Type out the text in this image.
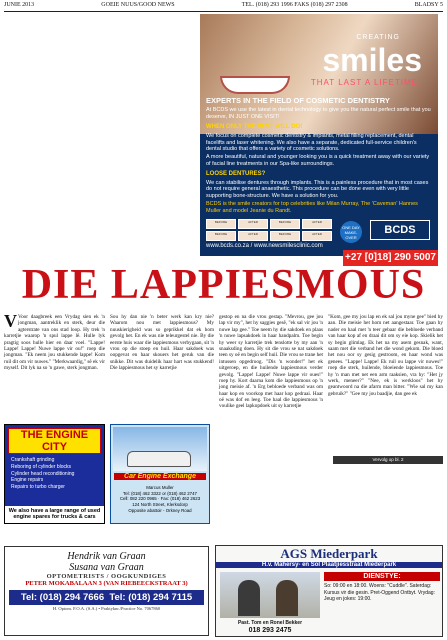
JUNIE 2013	GOEIE NUUS/GOOD NEWS	TEL. (018) 293 1996 FAKS (018) 297 2308	BLADSY 5
CREATING
smiles
THAT LAST A LIFETIME
EXPERTS IN THE FIELD OF COSMETIC DENTISTRY

At BCDS we use the latest in dental technology to give you the natural perfect smile that you deserve, IN JUST ONE VISIT!

WHEN ONLY THE BEST WILL DO!

We focus on complete cosmetic dentistry & implants, metal filling replacement, dental facelifts and laser whitening. We also have a separate, dedicated full-service children's dental studio that offers a variety of cosmetic solutions.

A more beautiful, natural and younger looking you is a quick treatment away with our variety of facial line treatments in our Spa-like surroundings.

LOOSE DENTURES?

We can stabilise dentures through implants. This is a painless procedure that in most cases do not require general anaesthetic. This procedure can be done even with very little supporting bone-structure. We have a solution for you.

BCDS is the smile creators for top celebrities like Milan Murray, The 'Caveman' Hannes Muller and model Jeanie du Randt.

BEFORE	AFTER	BEFORE	AFTER
BEFORE	AFTER	BEFORE	AFTER
ONE DAY MAKE-OVER
BCDS
www.bcds.co.za / www.newsmilesclinic.com
+27 [0]18] 290 5007
DIE LAPPIESMOUS
V Voor daagbreek een Vrydag sien ek 'n jongman, aantreklik en sterk, deur die agterstrate van ons stad loop. Hy trek 'n karretjie waarop 'n spul lappe lê. Hulle lyk pragtig soos hulle hier en daar voel. "Lappe! Lappe! Lappe! Nuwe lappe vir ou!" roep die jongman. "Ek neem jou stukkende lappe! Kom ruil dit om vir nuwes." "Merkwaardig," sê ek vir myself. Dit lyk na so 'n gawe, sterk jongman.
Sou hy dan nie 'n beter werk kan kry nie? Waarom nou met lappiesmous? My nuuskierigheid was so geprikkel dat ek hom gevolg het. En ek was nie teleurgestel nie. By die eerste huis waar die lappiesmous verbygaan, sit 'n vrou op die stoep en huil. Haar sakdoek was oopgevat en haar skouers het geruk van die snikke. Dit was duidelik haar hart was stukkend! Die lappiesmous het sy karretjie
gestop en na die vrou gestap. "Mevrou, gee jou lap vir my", het hy saggies gesê, "ek sal vir jou 'n nuwe lap gee." Toe neem hy die sakdoek en plaas 'n nuwe lapsakdoek in haar handpalm. Toe begin hy weer sy karretjie trek tenslotte by my aan 'n snaaksding doen. Hy sit die vrou se nat sakdoek teen sy oë en begin self huil. Die vrou se trane het intussen opgedroog. "Dis 'n wonder!" het ek uitgeroep, en die huilende lappiesmous verder gevolg. "Lappe! Lappe! Nuwe lappe vir oues!" roep hy. Kort daarna kom die lappiesmous op 'n jong meisie af. 'n Erg bebloede verband was om haar kop en voorkop met haar kop gedraai. Haar oë was dof en leeg. Toe haal die lappiesmous 'n voulike geel lapkopdoek uit sy karretjie
"Kom, gee my jou lap en ek sal jou myne gee" bied hy aan. Die meisie het hom net aangestaar. Toe gaan hy nader en haal met 'n teer gebaar die bebloede verband van haar kop af en draai dit om sy eie kop. Skielik het sy begin glimlag. Ek het na my asem gesnak, want, saam met die verband het die wond gekom. Die bloed het nou oor sy gesig gestroom, en haar wond was genees. "Lappe! Lappe! Ek ruil ou lappe vir nuwes!" roep die sterk, huilende, bloeiende lappiesmous. Toe hy 'n man met net een arm raaksien, vra hy: "Het jy werk, meneer?" "Nee, ek is werkloos" het hy geantwoord na die afarm man bitter. "Wie sal my kan gebruik?" "Gee my jou baadjie, dan gee ek
Vervolg op bl. 2
THE ENGINE CITY
Crankshaft grinding
Reboring of cylinder blocks
Cylinder head reconditioning
Engine repairs
Repairs to turbo charger
We also have a large range of used engine spares for trucks & cars
Car Engine Exchange
Marcus Muller
Tel: (018) 462 3322 or (018) 462 2747
Cell: 082 220 0965 · Fax: (018) 462 2623
124 North Street, Klerksdorp
Opposite abattoir - Orkney Road
Hendrik van Graan
Susana van Graan
OPTOMETRISTS / OOGKUNDIGES
PETER MOKABALAAN 3 (VAN RIEBEECKSTRAAT 3)
Tel: (018) 294 7666 Tel: (018) 294 7115
H. Optom. F.O.A. (S.A.) • Praktyknr./Practice No. 7067860
AGS Miederpark
H.v. Mahersy- en Sol Plaatjiesstraat Miederpark
Past. Tom en Ronel Bekker
018 293 2475
DIENSTYE:
So: 09:00 en 18:00. Woens: "Cuddle". Saterdag: Kursus vir die gesin. Pret-Oggend Ontbyt. Vrydag: Jeug en jokes: 19:00.
